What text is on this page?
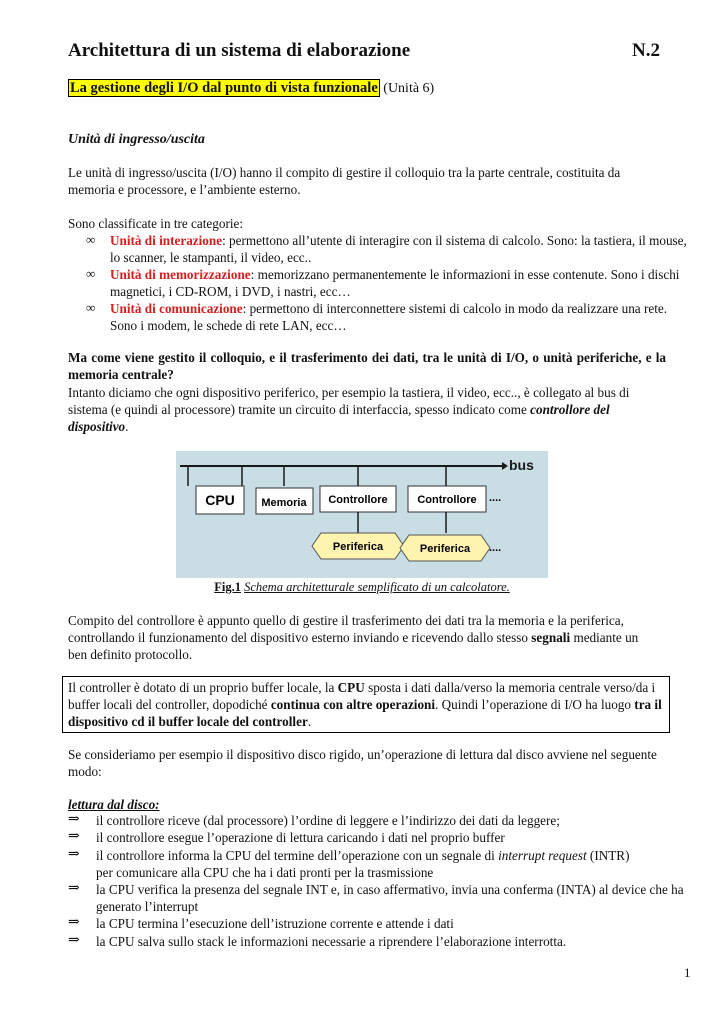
Architettura di un sistema di elaborazione	N.2
La gestione degli I/O dal punto di vista funzionale (Unità 6)
Unità di ingresso/uscita
Le unità di ingresso/uscita (I/O) hanno il compito di gestire il colloquio tra la parte centrale, costituita da memoria e processore, e l’ambiente esterno.
Sono classificate in tre categorie:
∞ Unità di interazione: permettono all’utente di interagire con il sistema di calcolo. Sono: la tastiera, il mouse, lo scanner, le stampanti, il video, ecc..
∞ Unità di memorizzazione: memorizzano permanentemente le informazioni in esse contenute. Sono i dischi magnetici, i CD-ROM, i DVD, i nastri, ecc…
∞ Unità di comunicazione: permettono di interconnettere sistemi di calcolo in modo da realizzare una rete. Sono i modem, le schede di rete LAN, ecc…
Ma come viene gestito il colloquio, e il trasferimento dei dati, tra le unità di I/O, o unità periferiche, e la memoria centrale?
Intanto diciamo che ogni dispositivo periferico, per esempio la tastiera, il video, ecc.., è collegato al bus di sistema (e quindi al processore) tramite un circuito di interfaccia, spesso indicato come controllore del dispositivo.
bus
CPU Memoria Controllore	Controllore ....
Periferica	Periferica ....
Fig.1 Schema architetturale semplificato di un calcolatore.
Compito del controllore è appunto quello di gestire il trasferimento dei dati tra la memoria e la periferica, controllando il funzionamento del dispositivo esterno inviando e ricevendo dallo stesso segnali mediante un ben definito protocollo.
Il controller è dotato di un proprio buffer locale, la CPU sposta i dati dalla/verso la memoria centrale verso/da i buffer locali del controller, dopodiché continua con altre operazioni. Quindi l’operazione di I/O ha luogo tra il dispositivo cd il buffer locale del controller.
Se consideriamo per esempio il dispositivo disco rigido, un’operazione di lettura dal disco avviene nel seguente modo:
lettura dal disco:
⇒ il controllore riceve (dal processore) l’ordine di leggere e l’indirizzo dei dati da leggere;
⇒ il controllore esegue l’operazione di lettura caricando i dati nel proprio buffer
⇒ il controllore informa la CPU del termine dell’operazione con un segnale di interrupt request (INTR) per comunicare alla CPU che ha i dati pronti per la trasmissione
⇒ la CPU verifica la presenza del segnale INT e, in caso affermativo, invia una conferma (INTA) al device che ha generato l’interrupt
⇒ la CPU termina l’esecuzione dell’istruzione corrente e attende i dati
⇒ la CPU salva sullo stack le informazioni necessarie a riprendere l’elaborazione interrotta.
1
